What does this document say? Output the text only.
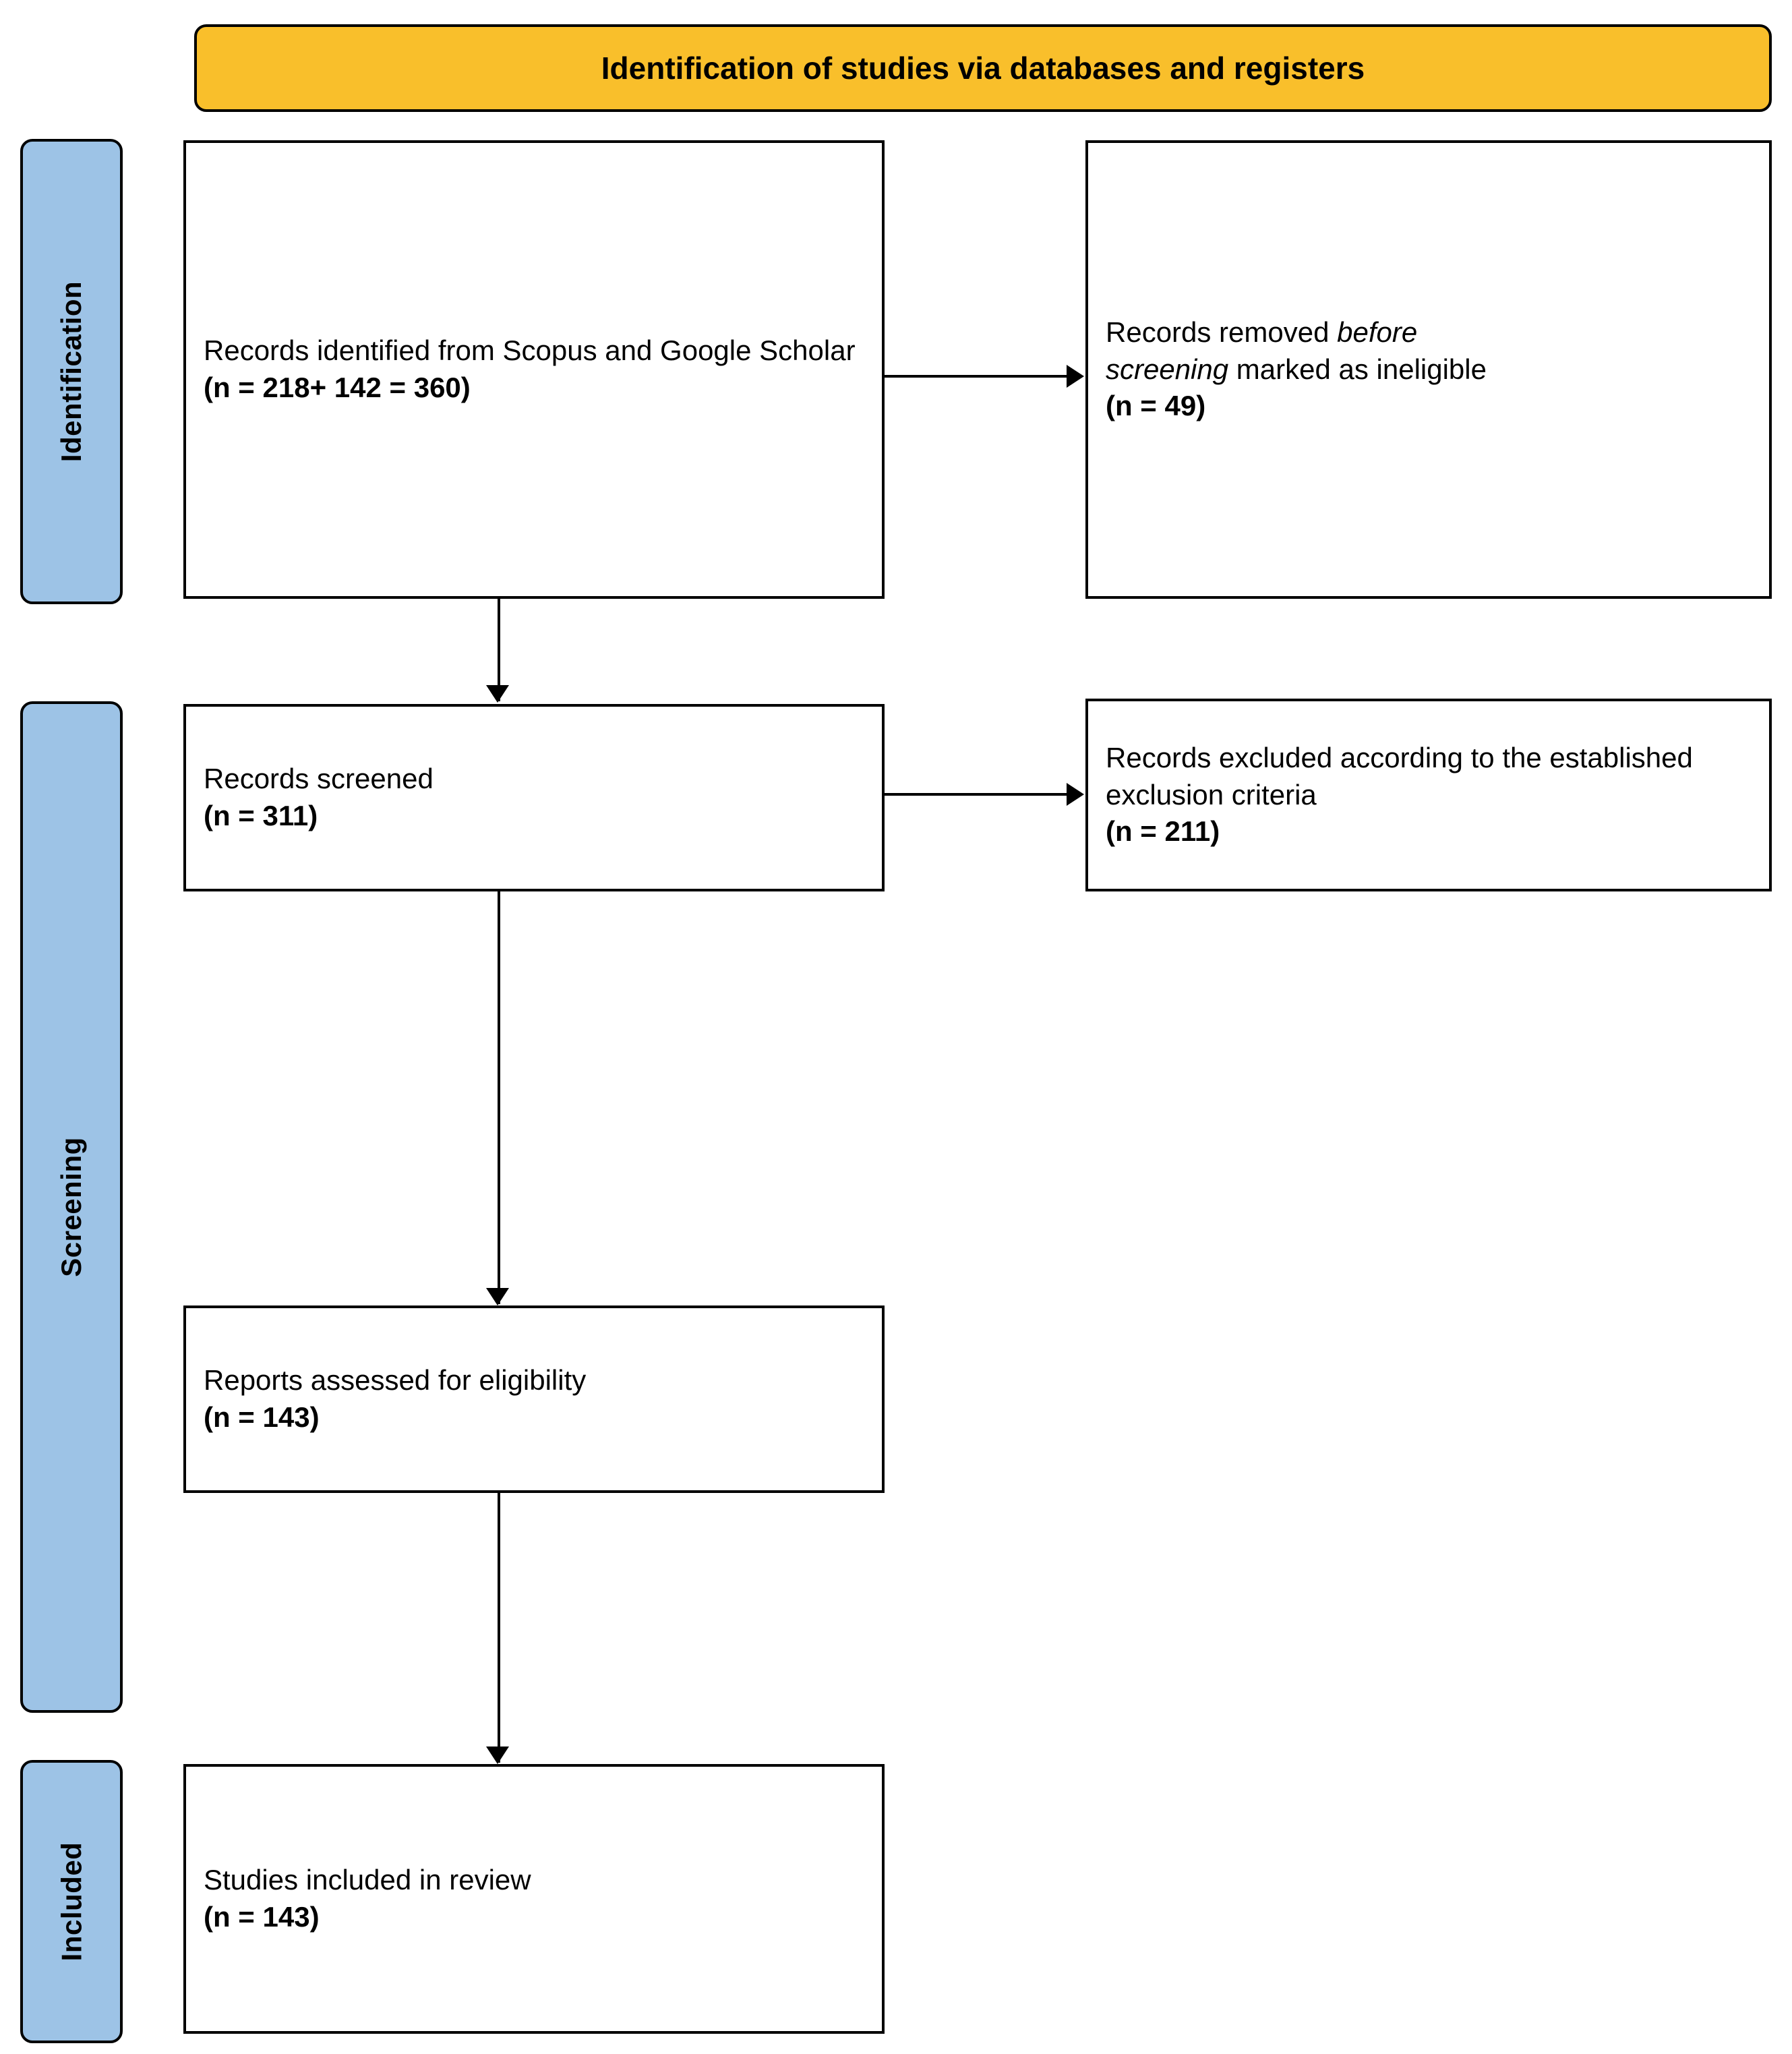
Identification of studies via databases and registers
Identification
Screening
Included
Records identified from Scopus and Google Scholar
(n = 218+ 142 = 360)
Records removed before
screening marked as ineligible
(n = 49)
Records screened
(n = 311)
Records excluded according to the established exclusion criteria
(n = 211)
Reports assessed for eligibility
(n = 143)
Studies included in review
(n = 143)
